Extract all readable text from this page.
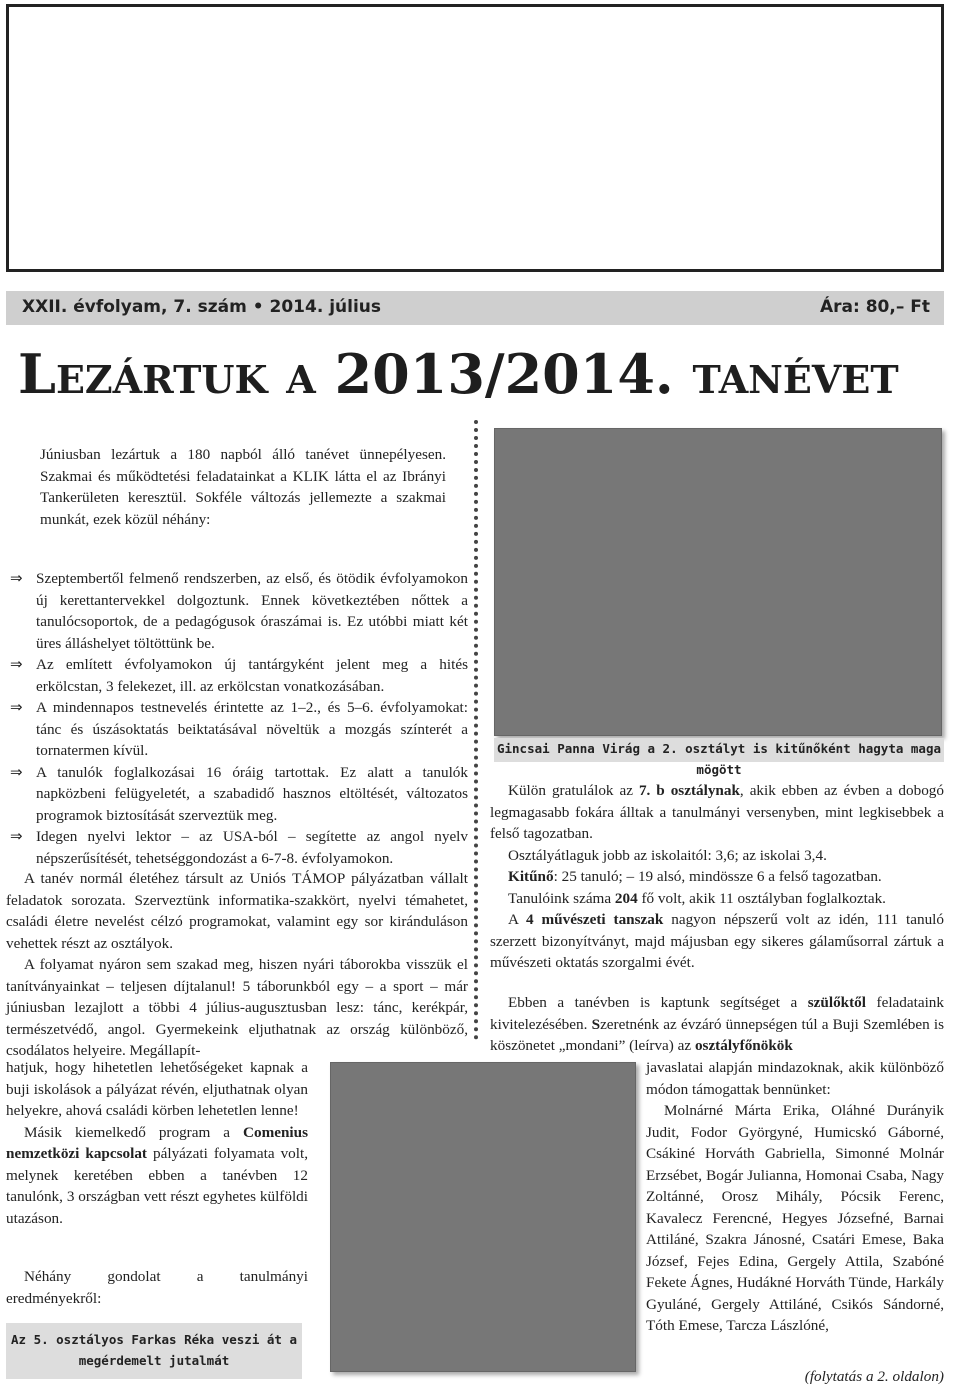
XXII. évfolyam, 7. szám • 2014. július	Ára: 80,– Ft
Lezártuk a 2013/2014. tanévet

Júniusban lezártuk a 180 napból álló tanévet ünnepélyesen. Szakmai és működtetési feladatainkat a KLIK látta el az Ibrányi Tankerületen keresztül. Sokféle változás jellemezte a szakmai munkát, ezek közül néhány:

⇒ Szeptembertől felmenő rendszerben, az első, és ötödik évfolyamokon új kerettantervekkel dolgoztunk. Ennek következtében nőttek a tanulócsoportok, de a pedagógusok óraszámai is. Ez utóbbi miatt két üres álláshelyet töltöttünk be.
⇒ Az említett évfolyamokon új tantárgyként jelent meg a hités erkölcstan, 3 felekezet, ill. az erkölcstan vonatkozásában.
⇒ A mindennapos testnevelés érintette az 1–2., és 5–6. évfolyamokat: tánc és úszásoktatás beiktatásával növeltük a mozgás színterét a tornatermen kívül.
⇒ A tanulók foglalkozásai 16 óráig tartottak. Ez alatt a tanulók napközbeni felügyeletét, a szabadidő hasznos eltöltését, változatos programok biztosítását szerveztük meg.
⇒ Idegen nyelvi lektor – az USA-ból – segítette az angol nyelv népszerűsítését, tehetséggondozást a 6-7-8. évfolyamokon.

A tanév normál életéhez társult az Uniós TÁMOP pályázatban vállalt feladatok sorozata. Szerveztünk informatika-szakkört, nyelvi témahetet, családi életre nevelést célzó programokat, valamint egy sor kiránduláson vehettek részt az osztályok.

A folyamat nyáron sem szakad meg, hiszen nyári táborokba visszük el tanítványainkat – teljesen díjtalanul! 5 táborunkból egy – a sport – már júniusban lezajlott a többi 4 július-augusztusban lesz: tánc, kerékpár, természetvédő, angol. Gyermekeink eljuthatnak az ország különböző, csodálatos helyeire. Megállapít-

hatjuk, hogy hihetetlen lehetőségeket kapnak a buji iskolások a pályázat révén, eljuthatnak olyan helyekre, ahová családi körben lehetetlen lenne!

Másik kiemelkedő program a Comenius nemzetközi kapcsolat pályázati folyamata volt, melynek keretében ebben a tanévben 12 tanulónk, 3 országban vett részt egyhetes külföldi utazáson.

Néhány gondolat a tanulmányi eredményekről:

Az 5. osztályos Farkas Réka veszi át a megérdemelt jutalmát
Gincsai Panna Virág a 2. osztályt is kitűnőként hagyta maga mögött

Külön gratulálok az 7. b osztálynak, akik ebben az évben a dobogó legmagasabb fokára álltak a tanulmányi versenyben, mint legkisebbek a felső tagozatban.

Osztályátlaguk jobb az iskolaitól: 3,6; az iskolai 3,4.

Kitűnő: 25 tanuló; – 19 alsó, mindössze 6 a felső tagozatban.

Tanulóink száma 204 fő volt, akik 11 osztályban foglalkoztak.

A 4 művészeti tanszak nagyon népszerű volt az idén, 111 tanuló szerzett bizonyítványt, majd májusban egy sikeres gálaműsorral zártuk a művészeti oktatás szorgalmi évét.

Ebben a tanévben is kaptunk segítséget a szülőktől feladataink kivitelezésében. Szeretnénk az évzáró ünnepségen túl a Buji Szemlében is köszönetet „mondani” (leírva) az osztályfőnökök

javaslatai alapján mindazoknak, akik különböző módon támogattak bennünket:

Molnárné Márta Erika, Oláhné Durányik Judit, Fodor Györgyné, Humicskó Gáborné, Csákiné Horváth Gabriella, Simonné Molnár Erzsébet, Bogár Julianna, Homonai Csaba, Nagy Zoltánné, Orosz Mihály, Pócsik Ferenc, Kavalecz Ferencné, Hegyes Józsefné, Barnai Attiláné, Szakra Jánosné, Csatári Emese, Baka József, Fejes Edina, Gergely Attila, Szabóné Fekete Ágnes, Hudákné Horváth Tünde, Harkály Gyuláné, Gergely Attiláné, Csikós Sándorné, Tóth Emese, Tarcza Lászlóné,

(folytatás a 2. oldalon)
